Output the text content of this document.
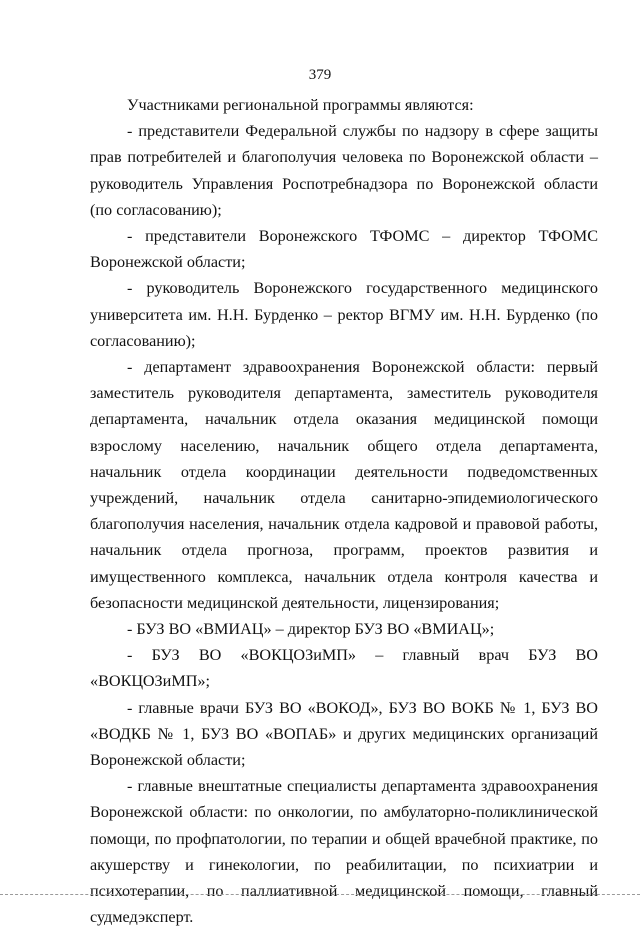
379

Участниками региональной программы являются:

- представители Федеральной службы по надзору в сфере защиты прав потребителей и благополучия человека по Воронежской области – руководитель Управления Роспотребнадзора по Воронежской области (по согласованию);

- представители Воронежского ТФОМС – директор ТФОМС Воронежской области;

- руководитель Воронежского государственного медицинского университета им. Н.Н. Бурденко – ректор ВГМУ им. Н.Н. Бурденко (по согласованию);

- департамент здравоохранения Воронежской области: первый заместитель руководителя департамента, заместитель руководителя департамента, начальник отдела оказания медицинской помощи взрослому населению, начальник общего отдела департамента, начальник отдела координации деятельности подведомственных учреждений, начальник отдела санитарно-эпидемиологического благополучия населения, начальник отдела кадровой и правовой работы, начальник отдела прогноза, программ, проектов развития и имущественного комплекса, начальник отдела контроля качества и безопасности медицинской деятельности, лицензирования;

- БУЗ ВО «ВМИАЦ» – директор БУЗ ВО «ВМИАЦ»;

- БУЗ ВО «ВОКЦОЗиМП» – главный врач БУЗ ВО «ВОКЦОЗиМП»;

- главные врачи БУЗ ВО «ВОКОД», БУЗ ВО ВОКБ № 1, БУЗ ВО «ВОДКБ № 1, БУЗ ВО «ВОПАБ» и других медицинских организаций Воронежской области;

- главные внештатные специалисты департамента здравоохранения Воронежской области: по онкологии, по амбулаторно-поликлинической помощи, по профпатологии, по терапии и общей врачебной практике, по акушерству и гинекологии, по реабилитации, по психиатрии и психотерапии, по паллиативной медицинской помощи, главный судмедэксперт.
